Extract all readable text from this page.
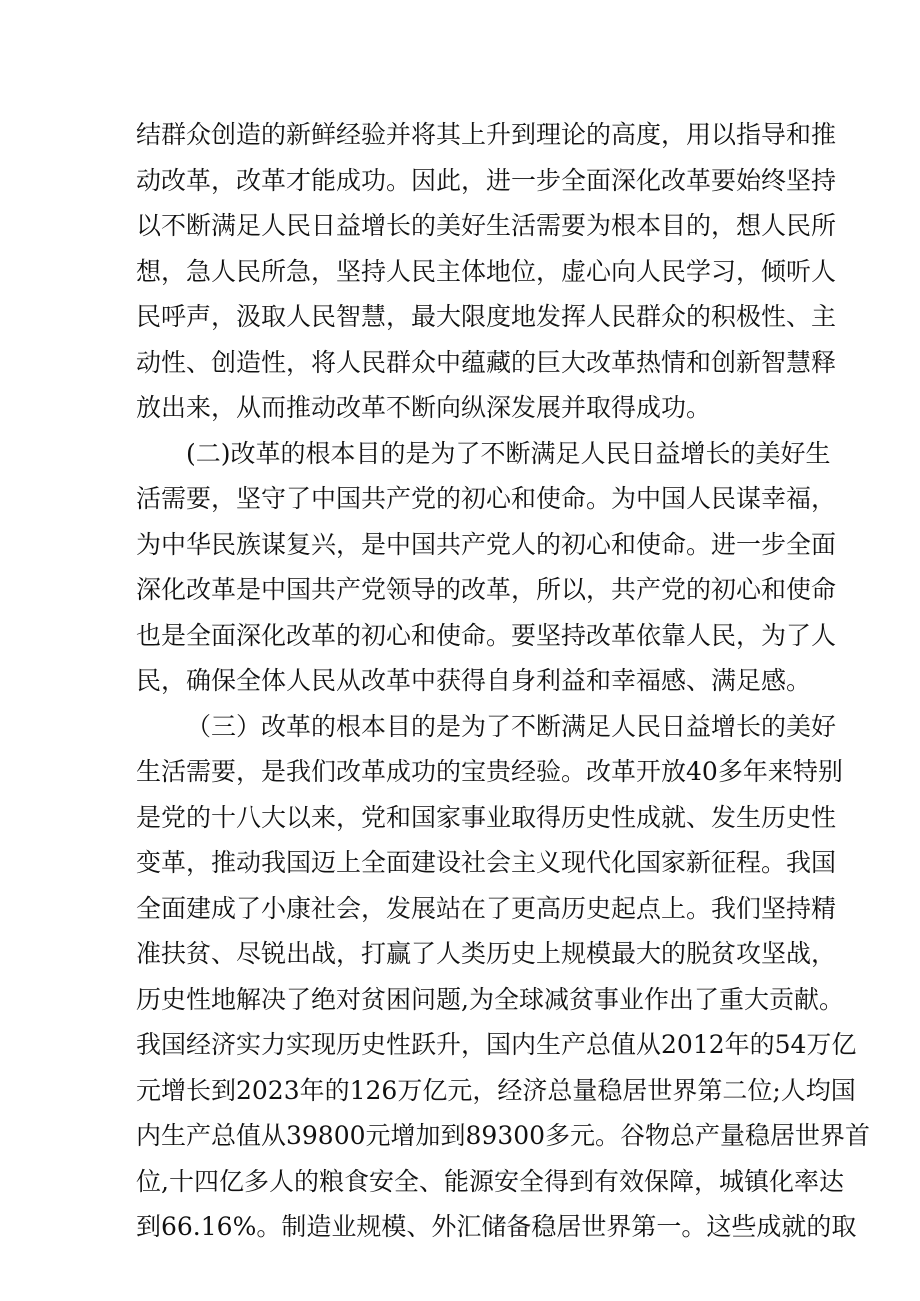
结群众创造的新鲜经验并将其上升到理论的高度，用以指导和推
动改革，改革才能成功。因此，进一步全面深化改革要始终坚持
以不断满足人民日益增长的美好生活需要为根本目的，想人民所
想，急人民所急，坚持人民主体地位，虚心向人民学习，倾听人
民呼声，汲取人民智慧，最大限度地发挥人民群众的积极性、主
动性、创造性，将人民群众中蕴藏的巨大改革热情和创新智慧释
放出来，从而推动改革不断向纵深发展并取得成功。
(二)改革的根本目的是为了不断满足人民日益增长的美好生
活需要，坚守了中国共产党的初心和使命。为中国人民谋幸福，
为中华民族谋复兴，是中国共产党人的初心和使命。进一步全面
深化改革是中国共产党领导的改革，所以，共产党的初心和使命
也是全面深化改革的初心和使命。要坚持改革依靠人民，为了人
民，确保全体人民从改革中获得自身利益和幸福感、满足感。
（三）改革的根本目的是为了不断满足人民日益增长的美好
生活需要，是我们改革成功的宝贵经验。改革开放40多年来特别
是党的十八大以来，党和国家事业取得历史性成就、发生历史性
变革，推动我国迈上全面建设社会主义现代化国家新征程。我国
全面建成了小康社会，发展站在了更高历史起点上。我们坚持精
准扶贫、尽锐出战，打赢了人类历史上规模最大的脱贫攻坚战，
历史性地解决了绝对贫困问题,为全球减贫事业作出了重大贡献。
我国经济实力实现历史性跃升，国内生产总值从2012年的54万亿
元增长到2023年的126万亿元，经济总量稳居世界第二位;人均国
内生产总值从39800元增加到89300多元。谷物总产量稳居世界首
位,十四亿多人的粮食安全、能源安全得到有效保障，城镇化率达
到66.16%。制造业规模、外汇储备稳居世界第一。这些成就的取
